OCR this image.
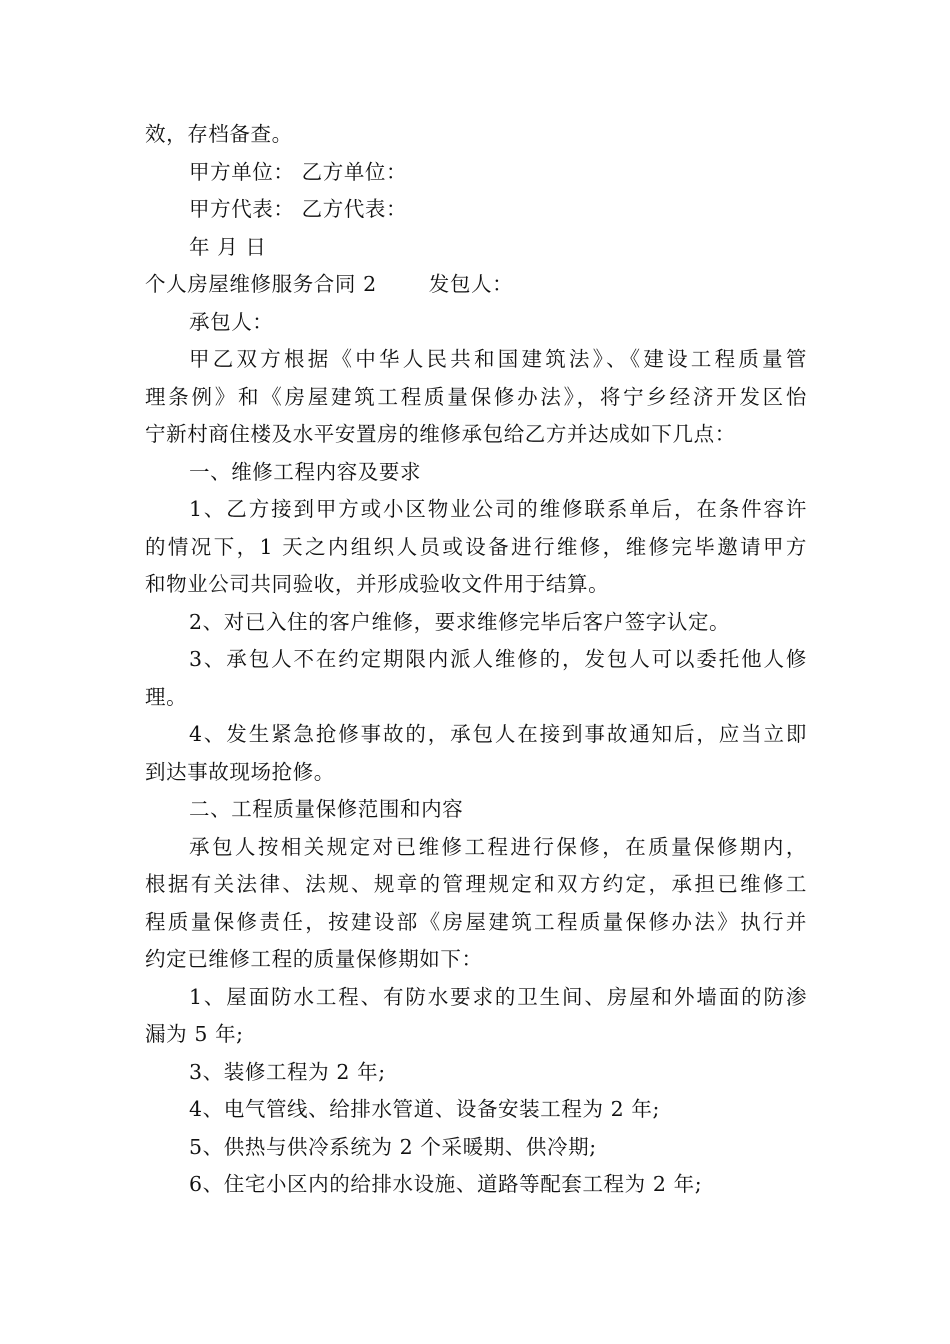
效，存档备查。
甲方单位： 乙方单位：
甲方代表： 乙方代表：
年 月 日
个人房屋维修服务合同 2	发包人：
承包人：
甲乙双方根据《中华人民共和国建筑法》、《建设工程质量管
理条例》和《房屋建筑工程质量保修办法》，将宁乡经济开发区怡
宁新村商住楼及水平安置房的维修承包给乙方并达成如下几点：
一、维修工程内容及要求
1、乙方接到甲方或小区物业公司的维修联系单后，在条件容许
的情况下，1 天之内组织人员或设备进行维修，维修完毕邀请甲方
和物业公司共同验收，并形成验收文件用于结算。
2、对已入住的客户维修，要求维修完毕后客户签字认定。
3、承包人不在约定期限内派人维修的，发包人可以委托他人修
理。
4、发生紧急抢修事故的，承包人在接到事故通知后，应当立即
到达事故现场抢修。
二、工程质量保修范围和内容
承包人按相关规定对已维修工程进行保修，在质量保修期内，
根据有关法律、法规、规章的管理规定和双方约定，承担已维修工
程质量保修责任，按建设部《房屋建筑工程质量保修办法》执行并
约定已维修工程的质量保修期如下：
1、屋面防水工程、有防水要求的卫生间、房屋和外墙面的防渗
漏为 5 年;
3、装修工程为 2 年;
4、电气管线、给排水管道、设备安装工程为 2 年;
5、供热与供冷系统为 2 个采暖期、供冷期;
6、住宅小区内的给排水设施、道路等配套工程为 2 年;
